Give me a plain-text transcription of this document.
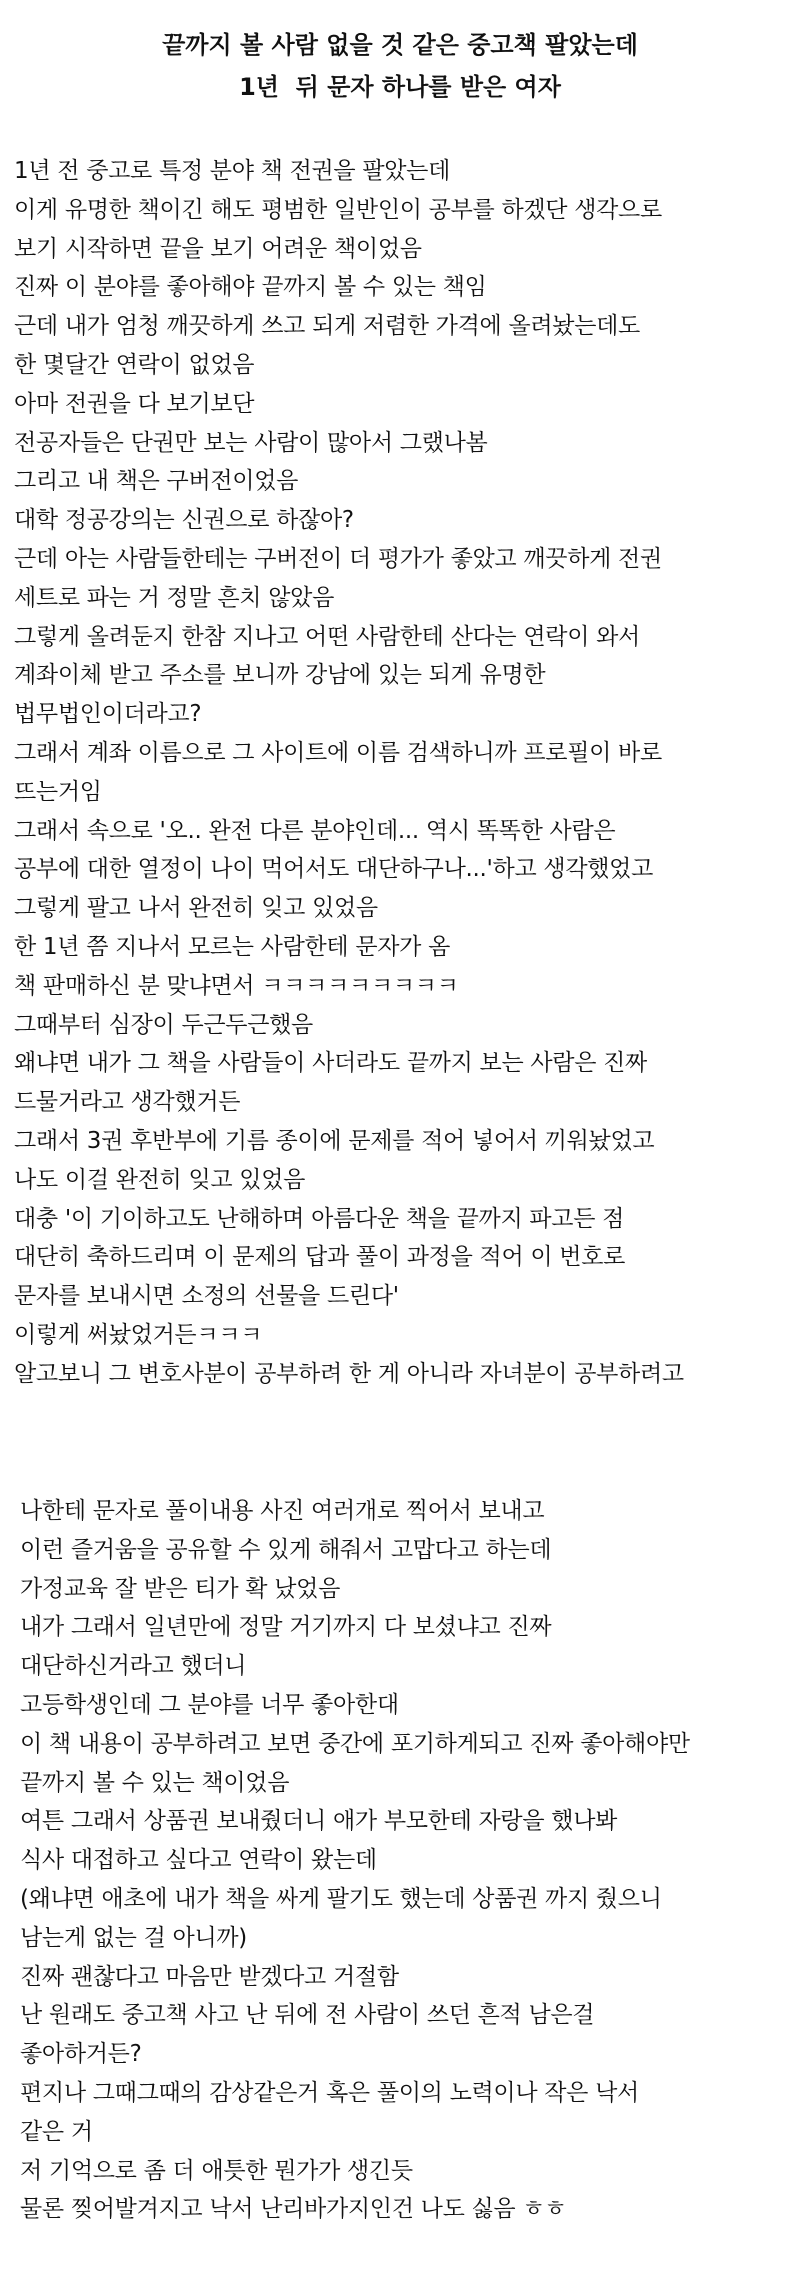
끝까지 볼 사람 없을 것 같은 중고책 팔았는데
1년  뒤 문자 하나를 받은 여자
1년 전 중고로 특정 분야 책 전권을 팔았는데
이게 유명한 책이긴 해도 평범한 일반인이 공부를 하겠단 생각으로
보기 시작하면 끝을 보기 어려운 책이었음
진짜 이 분야를 좋아해야 끝까지 볼 수 있는 책임
근데 내가 엄청 깨끗하게 쓰고 되게 저렴한 가격에 올려놨는데도
한 몇달간 연락이 없었음
아마 전권을 다 보기보단
전공자들은 단권만 보는 사람이 많아서 그랬나봄
그리고 내 책은 구버전이었음
대학 정공강의는 신권으로 하잖아?
근데 아는 사람들한테는 구버전이 더 평가가 좋았고 깨끗하게 전권
세트로 파는 거 정말 흔치 않았음
그렇게 올려둔지 한참 지나고 어떤 사람한테 산다는 연락이 와서
계좌이체 받고 주소를 보니까 강남에 있는 되게 유명한
법무법인이더라고?
그래서 계좌 이름으로 그 사이트에 이름 검색하니까 프로필이 바로
뜨는거임
그래서 속으로 '오.. 완전 다른 분야인데... 역시 똑똑한 사람은
공부에 대한 열정이 나이 먹어서도 대단하구나...'하고 생각했었고
그렇게 팔고 나서 완전히 잊고 있었음
한 1년 쯤 지나서 모르는 사람한테 문자가 옴
책 판매하신 분 맞냐면서 ㅋㅋㅋㅋㅋㅋㅋㅋㅋ
그때부터 심장이 두근두근했음
왜냐면 내가 그 책을 사람들이 사더라도 끝까지 보는 사람은 진짜
드물거라고 생각했거든
그래서 3권 후반부에 기름 종이에 문제를 적어 넣어서 끼워놨었고
나도 이걸 완전히 잊고 있었음
대충 '이 기이하고도 난해하며 아름다운 책을 끝까지 파고든 점
대단히 축하드리며 이 문제의 답과 풀이 과정을 적어 이 번호로
문자를 보내시면 소정의 선물을 드린다'
이렇게 써놨었거든ㅋㅋㅋ
알고보니 그 변호사분이 공부하려 한 게 아니라 자녀분이 공부하려고
나한테 문자로 풀이내용 사진 여러개로 찍어서 보내고
이런 즐거움을 공유할 수 있게 해줘서 고맙다고 하는데
가정교육 잘 받은 티가 확 났었음
내가 그래서 일년만에 정말 거기까지 다 보셨냐고 진짜
대단하신거라고 했더니
고등학생인데 그 분야를 너무 좋아한대
이 책 내용이 공부하려고 보면 중간에 포기하게되고 진짜 좋아해야만
끝까지 볼 수 있는 책이었음
여튼 그래서 상품권 보내줬더니 애가 부모한테 자랑을 했나봐
식사 대접하고 싶다고 연락이 왔는데
(왜냐면 애초에 내가 책을 싸게 팔기도 했는데 상품권 까지 줬으니
남는게 없는 걸 아니까)
진짜 괜찮다고 마음만 받겠다고 거절함
난 원래도 중고책 사고 난 뒤에 전 사람이 쓰던 흔적 남은걸
좋아하거든?
편지나 그때그때의 감상같은거 혹은 풀이의 노력이나 작은 낙서
같은 거
저 기억으로 좀 더 애틋한 뭔가가 생긴듯
물론 찢어발겨지고 낙서 난리바가지인건 나도 싫음 ㅎㅎ
